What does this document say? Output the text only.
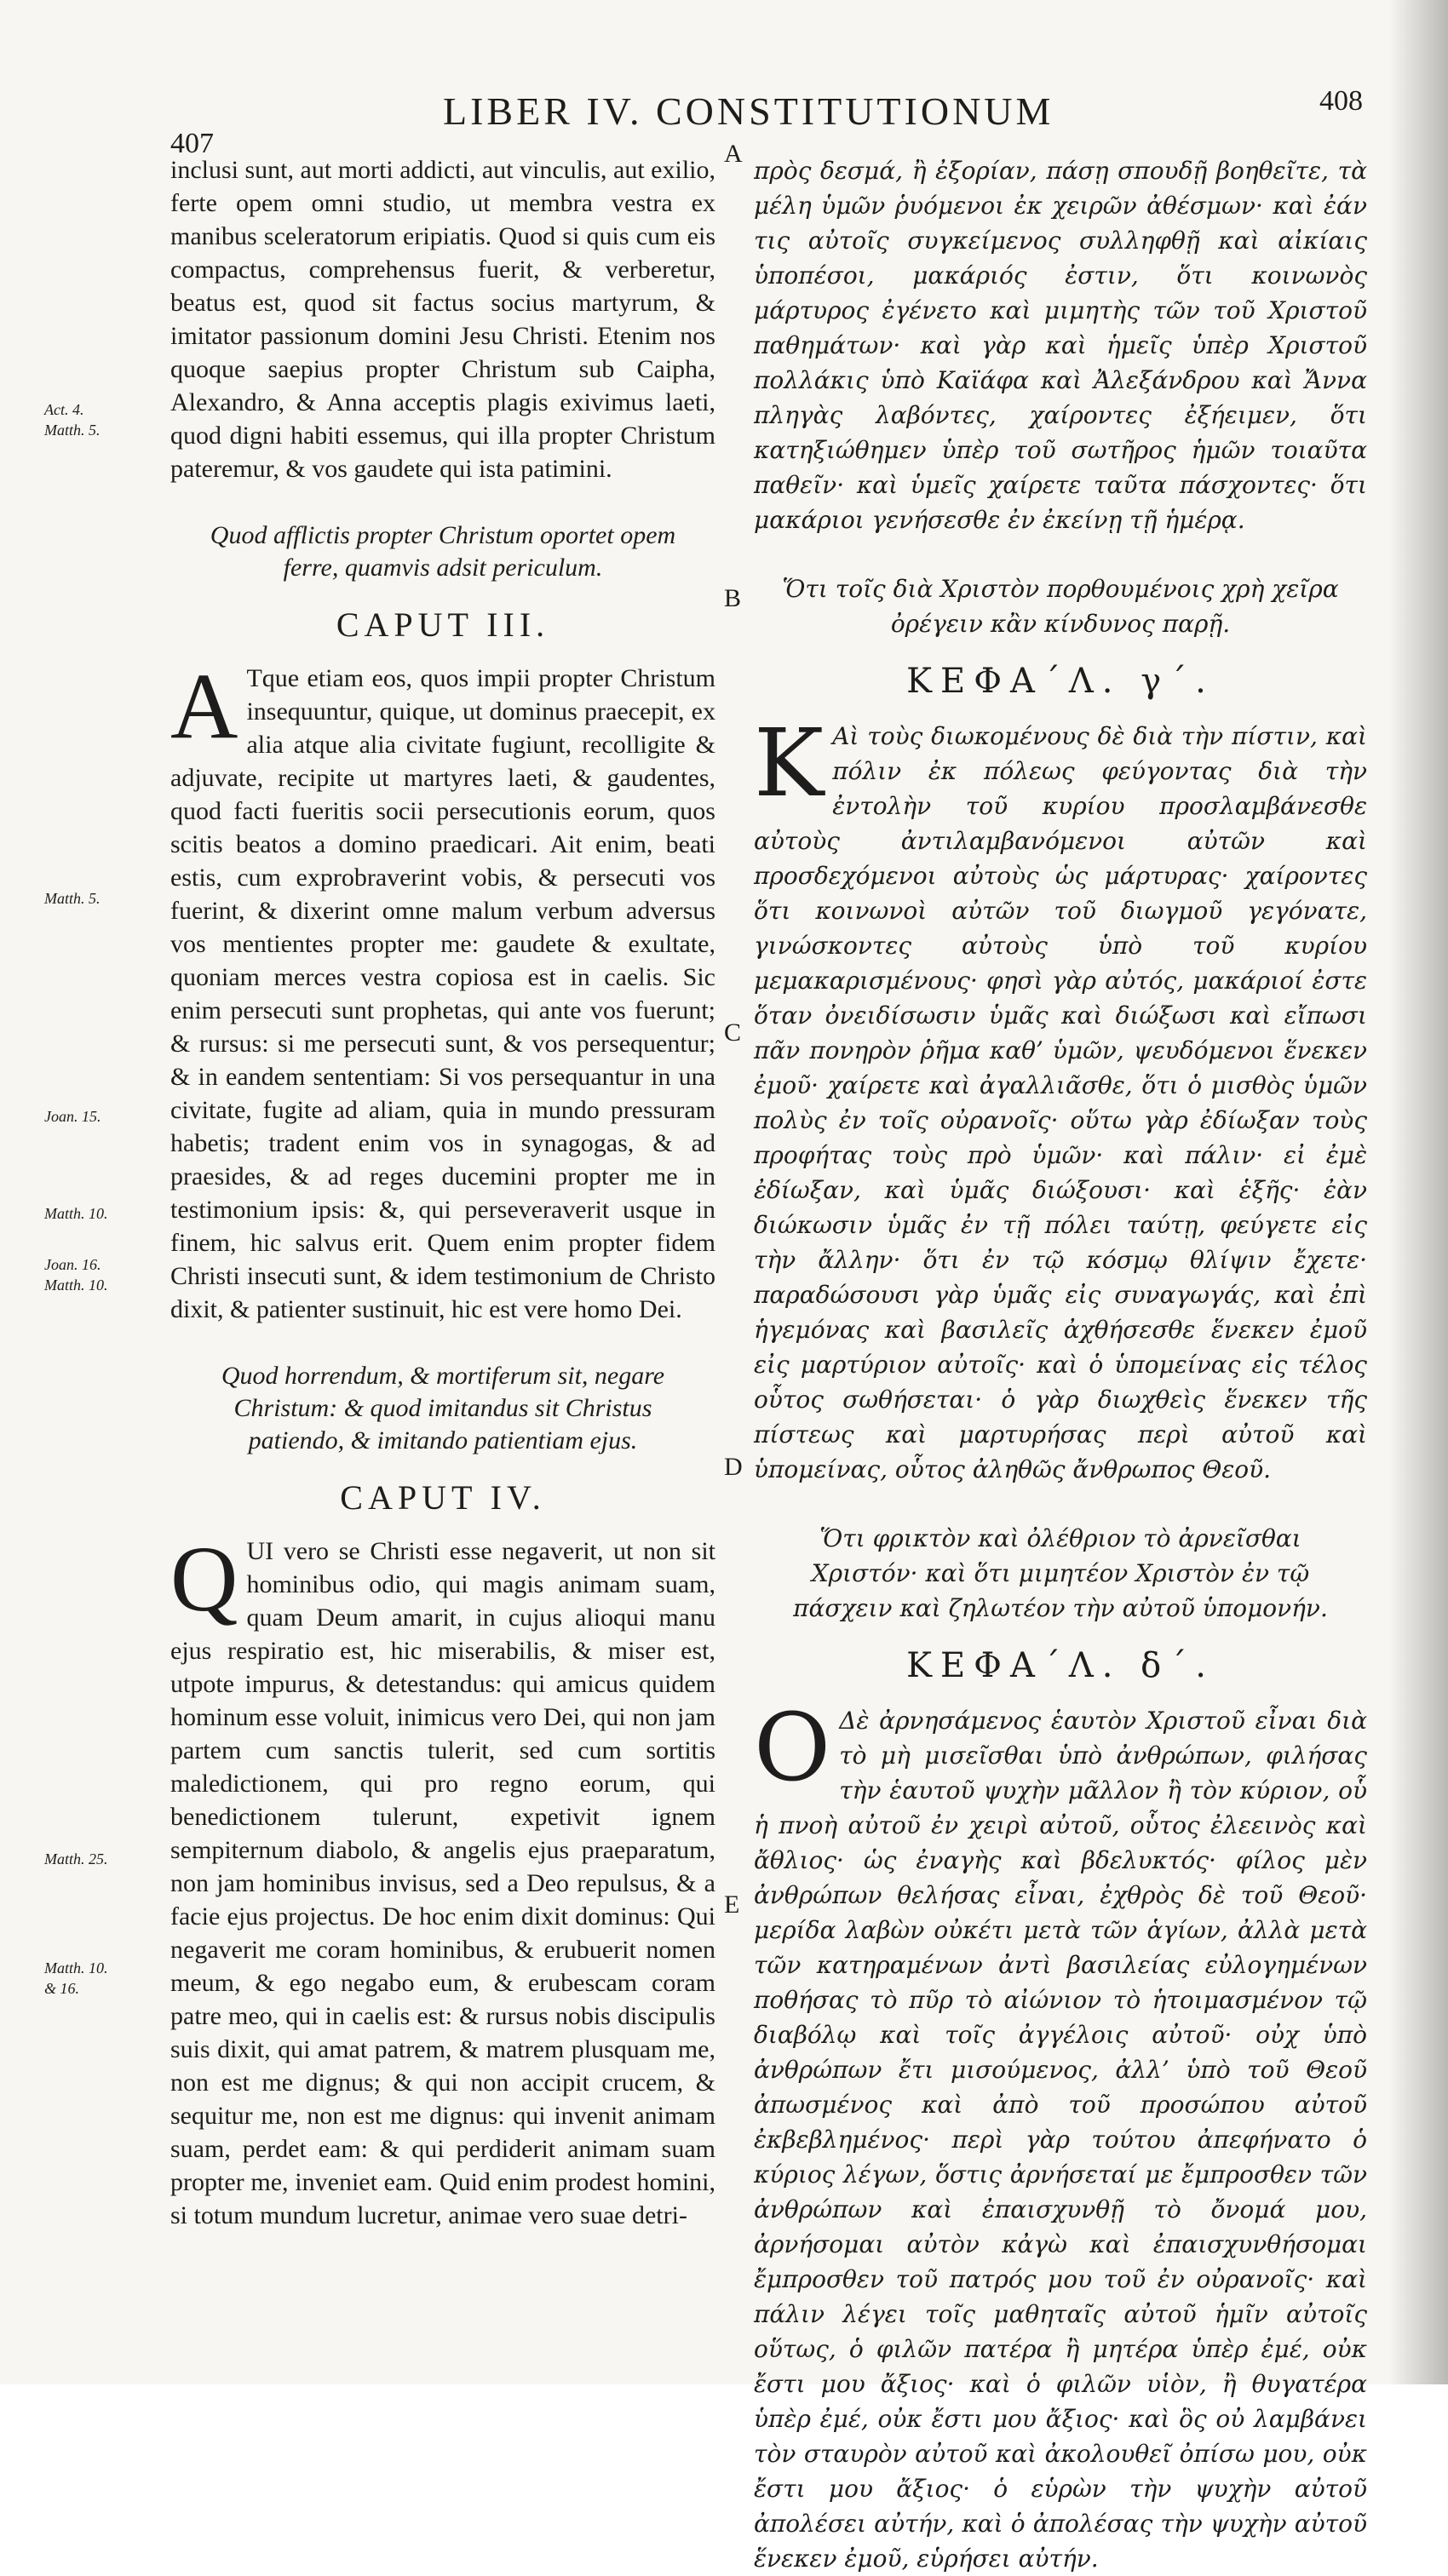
407
LIBER IV. CONSTITUTIONUM	408
Act. 4.
Matth. 5.
Matth. 5.
Joan. 15.
Matth. 10.
Joan. 16.
Matth. 10.
Matth. 25.
Matth. 10.
& 16.
A
B
C
D
E

inclusi sunt, aut morti addicti, aut vinculis, aut exilio, ferte opem omni studio, ut membra vestra ex manibus sceleratorum eripiatis. Quod si quis cum eis compactus, comprehensus fuerit, & verberetur, beatus est, quod sit factus socius martyrum, & imitator passionum domini Jesu Christi. Etenim nos quoque saepius propter Christum sub Caipha, Alexandro, & Anna acceptis plagis exivimus laeti, quod digni habiti essemus, qui illa propter Christum pateremur, & vos gaudete qui ista patimini.

Quod afflictis propter Christum oportet opem ferre, quamvis adsit periculum.
CAPUT III.

A Tque etiam eos, quos impii propter Christum insequuntur, quique, ut dominus praecepit, ex alia atque alia civitate fugiunt, recolligite & adjuvate, recipite ut martyres laeti, & gaudentes, quod facti fueritis socii persecutionis eorum, quos scitis beatos a domino praedicari. Ait enim, beati estis, cum exprobraverint vobis, & persecuti vos fuerint, & dixerint omne malum verbum adversus vos mentientes propter me: gaudete & exultate, quoniam merces vestra copiosa est in caelis. Sic enim persecuti sunt prophetas, qui ante vos fuerunt; & rursus: si me persecuti sunt, & vos persequentur; & in eandem sententiam: Si vos persequantur in una civitate, fugite ad aliam, quia in mundo pressuram habetis; tradent enim vos in synagogas, & ad praesides, & ad reges ducemini propter me in testimonium ipsis: &, qui perseveraverit usque in finem, hic salvus erit. Quem enim propter fidem Christi insecuti sunt, & idem testimonium de Christo dixit, & patienter sustinuit, hic est vere homo Dei.

Quod horrendum, & mortiferum sit, negare Christum: & quod imitandus sit Christus patiendo, & imitando patientiam ejus.
CAPUT IV.

QUI vero se Christi esse negaverit, ut non sit hominibus odio, qui magis animam suam, quam Deum amarit, in cujus alioqui manu ejus respiratio est, hic miserabilis, & miser est, utpote impurus, & detestandus: qui amicus quidem hominum esse voluit, inimicus vero Dei, qui non jam partem cum sanctis tulerit, sed cum sortitis maledictionem, qui pro regno eorum, qui benedictionem tulerunt, expetivit ignem sempiternum diabolo, & angelis ejus praeparatum, non jam hominibus invisus, sed a Deo repulsus, & a facie ejus projectus. De hoc enim dixit dominus: Qui negaverit me coram hominibus, & erubuerit nomen meum, & ego negabo eum, & erubescam coram patre meo, qui in caelis est: & rursus nobis discipulis suis dixit, qui amat patrem, & matrem plusquam me, non est me dignus; & qui non accipit crucem, & sequitur me, non est me dignus: qui invenit animam suam, perdet eam: & qui perdiderit animam suam propter me, inveniet eam. Quid enim prodest homini, si totum mundum lucretur, animae vero suae detri-

πρὸς δεσμά, ἢ ἐξορίαν, πάσῃ σπουδῇ βοηθεῖτε, τὰ μέλη ὑμῶν ῥυόμενοι ἐκ χειρῶν ἀθέσμων· καὶ ἐάν τις αὐτοῖς συγκείμενος συλληφθῇ καὶ αἰκίαις ὑποπέσοι, μακάριός ἐστιν, ὅτι κοινωνὸς μάρτυρος ἐγένετο καὶ μιμητὴς τῶν τοῦ Χριστοῦ παθημάτων· καὶ γὰρ καὶ ἡμεῖς ὑπὲρ Χριστοῦ πολλάκις ὑπὸ Καϊάφα καὶ Ἀλεξάνδρου καὶ Ἄννα πληγὰς λαβόντες, χαίροντες ἐξήειμεν, ὅτι κατηξιώθημεν ὑπὲρ τοῦ σωτῆρος ἡμῶν τοιαῦτα παθεῖν· καὶ ὑμεῖς χαίρετε ταῦτα πάσχοντες· ὅτι μακάριοι γενήσεσθε ἐν ἐκείνῃ τῇ ἡμέρᾳ.

Ὅτι τοῖς διὰ Χριστὸν πορθουμένοις χρὴ χεῖρα ὀρέγειν κἂν κίνδυνος παρῇ.
ΚΕΦΑ΄Λ. γ΄.

Κ Αὶ τοὺς διωκομένους δὲ διὰ τὴν πίστιν, καὶ πόλιν ἐκ πόλεως φεύγοντας διὰ τὴν ἐντολὴν τοῦ κυρίου προσλαμβάνεσθε αὐτοὺς ἀντιλαμβανόμενοι αὐτῶν καὶ προσδεχόμενοι αὐτοὺς ὡς μάρτυρας· χαίροντες ὅτι κοινωνοὶ αὐτῶν τοῦ διωγμοῦ γεγόνατε, γινώσκοντες αὐτοὺς ὑπὸ τοῦ κυρίου μεμακαρισμένους· φησὶ γὰρ αὐτός, μακάριοί ἐστε ὅταν ὀνειδίσωσιν ὑμᾶς καὶ διώξωσι καὶ εἴπωσι πᾶν πονηρὸν ῥῆμα καθ’ ὑμῶν, ψευδόμενοι ἕνεκεν ἐμοῦ· χαίρετε καὶ ἀγαλλιᾶσθε, ὅτι ὁ μισθὸς ὑμῶν πολὺς ἐν τοῖς οὐρανοῖς· οὕτω γὰρ ἐδίωξαν τοὺς προφήτας τοὺς πρὸ ὑμῶν· καὶ πάλιν· εἰ ἐμὲ ἐδίωξαν, καὶ ὑμᾶς διώξουσι· καὶ ἑξῆς· ἐὰν διώκωσιν ὑμᾶς ἐν τῇ πόλει ταύτῃ, φεύγετε εἰς τὴν ἄλλην· ὅτι ἐν τῷ κόσμῳ θλίψιν ἔχετε· παραδώσουσι γὰρ ὑμᾶς εἰς συναγωγάς, καὶ ἐπὶ ἡγεμόνας καὶ βασιλεῖς ἀχθήσεσθε ἕνεκεν ἐμοῦ εἰς μαρτύριον αὐτοῖς· καὶ ὁ ὑπομείνας εἰς τέλος οὗτος σωθήσεται· ὁ γὰρ διωχθεὶς ἕνεκεν τῆς πίστεως καὶ μαρτυρήσας περὶ αὐτοῦ καὶ ὑπομείνας, οὗτος ἀληθῶς ἄνθρωπος Θεοῦ.

Ὅτι φρικτὸν καὶ ὀλέθριον τὸ ἀρνεῖσθαι Χριστόν· καὶ ὅτι μιμητέον Χριστὸν ἐν τῷ πάσχειν καὶ ζηλωτέον τὴν αὐτοῦ ὑπομονήν.
ΚΕΦΑ΄Λ. δ΄.

Ο Δὲ ἀρνησάμενος ἑαυτὸν Χριστοῦ εἶναι διὰ τὸ μὴ μισεῖσθαι ὑπὸ ἀνθρώπων, φιλήσας τὴν ἑαυτοῦ ψυχὴν μᾶλλον ἢ τὸν κύριον, οὗ ἡ πνοὴ αὐτοῦ ἐν χειρὶ αὐτοῦ, οὗτος ἐλεεινὸς καὶ ἄθλιος· ὡς ἐναγὴς καὶ βδελυκτός· φίλος μὲν ἀνθρώπων θελήσας εἶναι, ἐχθρὸς δὲ τοῦ Θεοῦ· μερίδα λαβὼν οὐκέτι μετὰ τῶν ἁγίων, ἀλλὰ μετὰ τῶν κατηραμένων ἀντὶ βασιλείας εὐλογημένων ποθήσας τὸ πῦρ τὸ αἰώνιον τὸ ἡτοιμασμένον τῷ διαβόλῳ καὶ τοῖς ἀγγέλοις αὐτοῦ· οὐχ ὑπὸ ἀνθρώπων ἔτι μισούμενος, ἀλλ’ ὑπὸ τοῦ Θεοῦ ἀπωσμένος καὶ ἀπὸ τοῦ προσώπου αὐτοῦ ἐκβεβλημένος· περὶ γὰρ τούτου ἀπεφήνατο ὁ κύριος λέγων, ὅστις ἀρνήσεταί με ἔμπροσθεν τῶν ἀνθρώπων καὶ ἐπαισχυνθῇ τὸ ὄνομά μου, ἀρνήσομαι αὐτὸν κἀγὼ καὶ ἐπαισχυνθήσομαι ἔμπροσθεν τοῦ πατρός μου τοῦ ἐν οὐρανοῖς· καὶ πάλιν λέγει τοῖς μαθηταῖς αὐτοῦ ἡμῖν αὐτοῖς οὕτως, ὁ φιλῶν πατέρα ἢ μητέρα ὑπὲρ ἐμέ, οὐκ ἔστι μου ἄξιος· καὶ ὁ φιλῶν υἱὸν, ἢ θυγατέρα ὑπὲρ ἐμέ, οὐκ ἔστι μου ἄξιος· καὶ ὃς οὐ λαμβάνει τὸν σταυρὸν αὐτοῦ καὶ ἀκολουθεῖ ὀπίσω μου, οὐκ ἔστι μου ἄξιος· ὁ εὑρὼν τὴν ψυχὴν αὐτοῦ ἀπολέσει αὐτήν, καὶ ὁ ἀπολέσας τὴν ψυχὴν αὐτοῦ ἕνεκεν ἐμοῦ, εὑρήσει αὐτήν.
